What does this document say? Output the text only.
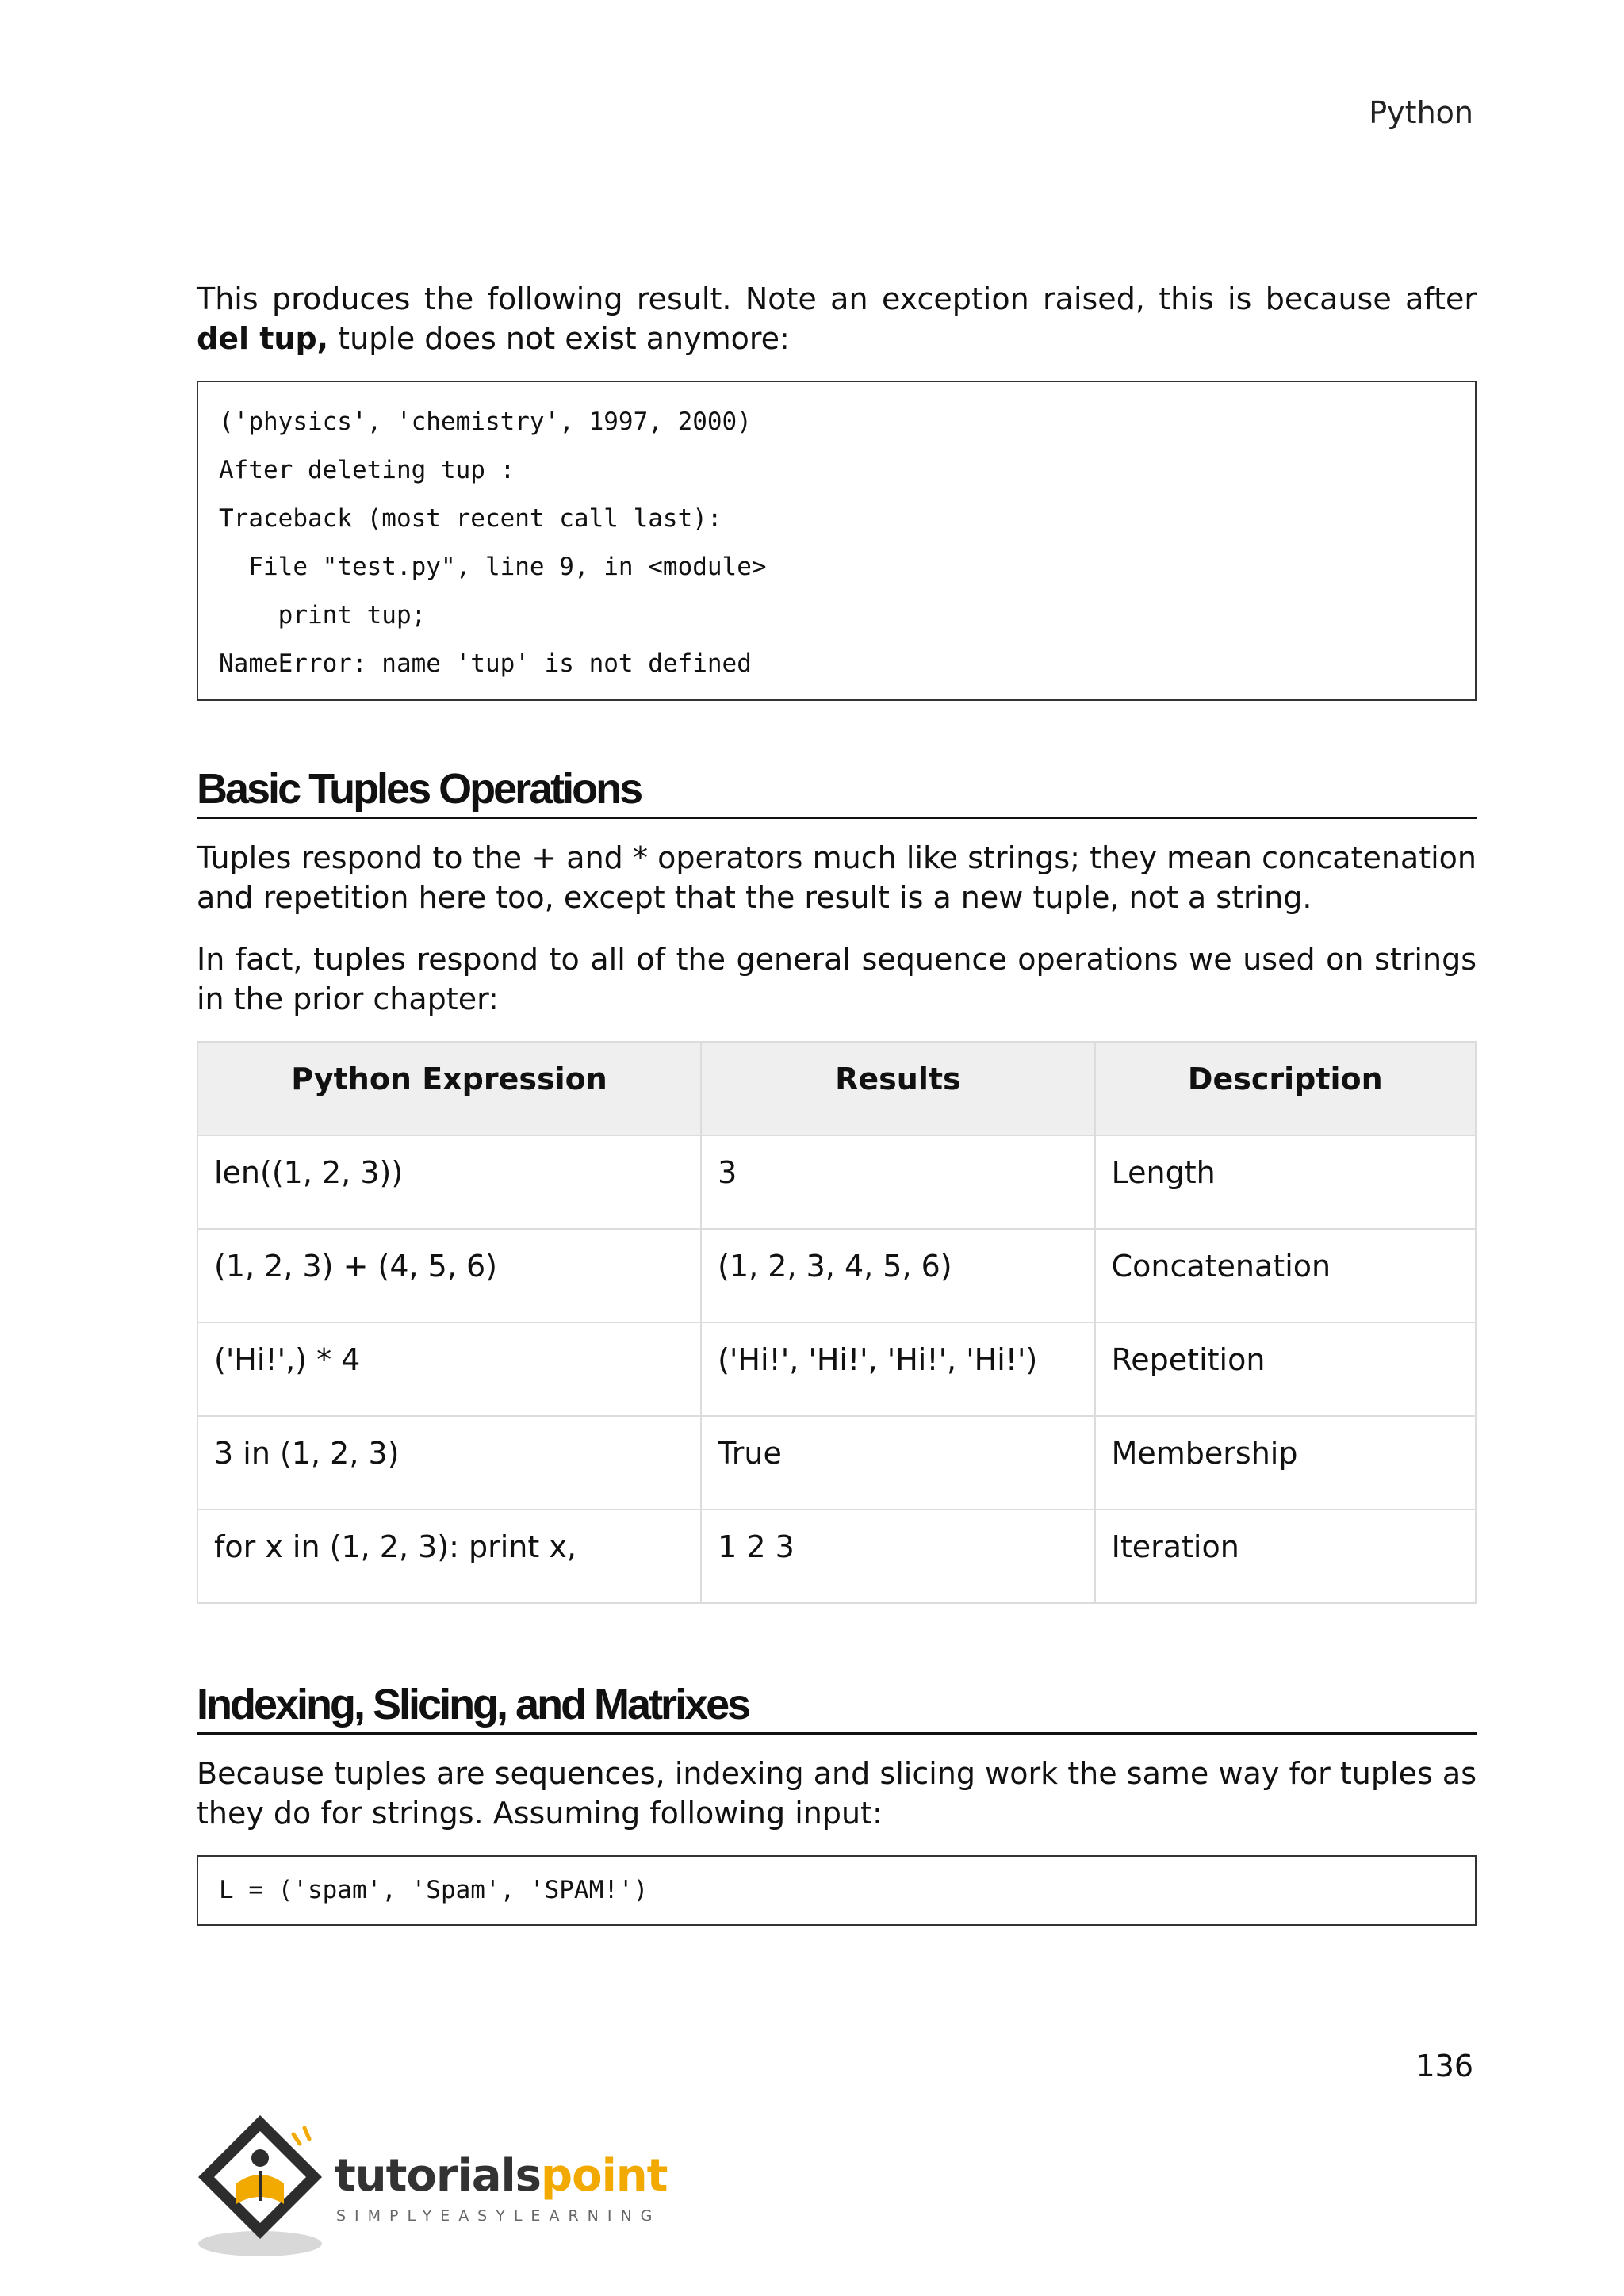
Python

This produces the following result. Note an exception raised, this is because after del tup, tuple does not exist anymore:

('physics', 'chemistry', 1997, 2000)
After deleting tup :
Traceback (most recent call last):
File "test.py", line 9, in <module>
print tup;
NameError: name 'tup' is not defined
Basic Tuples Operations

Tuples respond to the + and * operators much like strings; they mean concatenation and repetition here too, except that the result is a new tuple, not a string.

In fact, tuples respond to all of the general sequence operations we used on strings in the prior chapter:

Python Expression	Results	Description
len((1, 2, 3))	3	Length
(1, 2, 3) + (4, 5, 6)	(1, 2, 3, 4, 5, 6)	Concatenation
('Hi!',) * 4	('Hi!', 'Hi!', 'Hi!', 'Hi!')	Repetition
3 in (1, 2, 3)	True	Membership
for x in (1, 2, 3): print x,	1 2 3	Iteration
Indexing, Slicing, and Matrixes

Because tuples are sequences, indexing and slicing work the same way for tuples as they do for strings. Assuming following input:

L = ('spam', 'Spam', 'SPAM!')
136
tutorialspoint
SIMPLYEASYLEARNING
